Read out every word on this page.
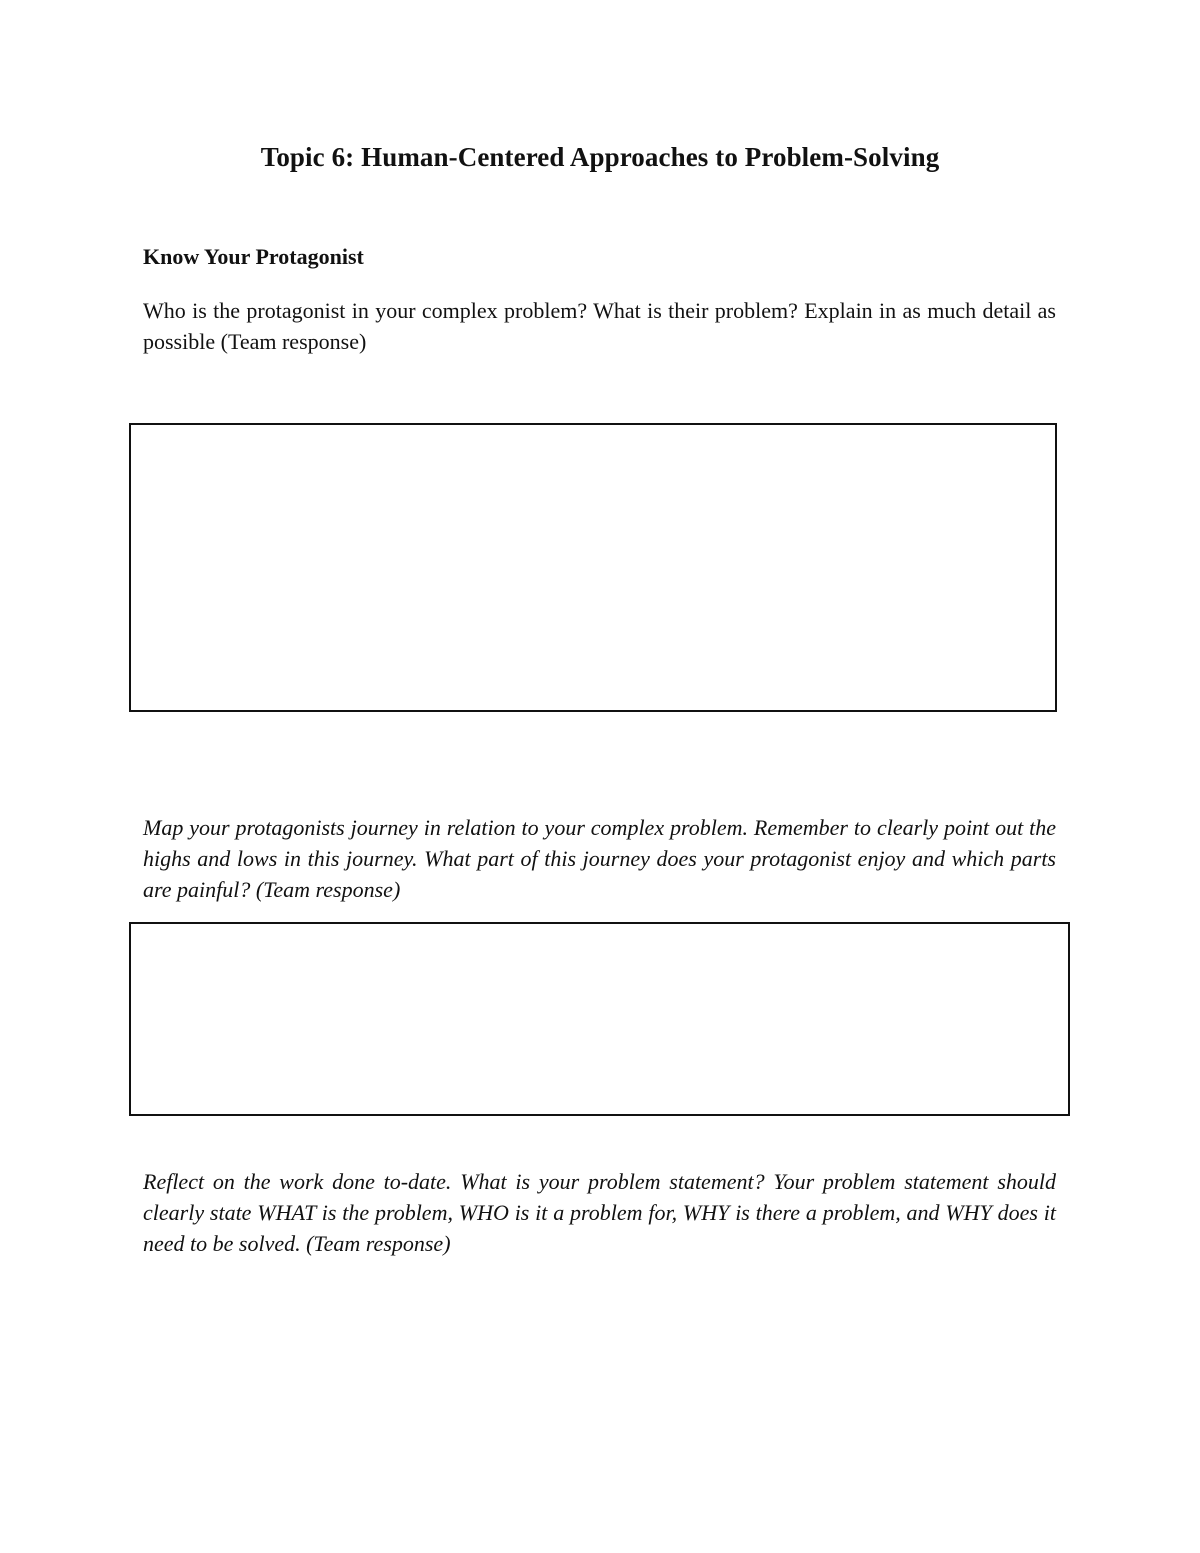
Topic 6: Human-Centered Approaches to Problem-Solving
Know Your Protagonist
Who is the protagonist in your complex problem? What is their problem? Explain in as much detail as possible (Team response)
Map your protagonists journey in relation to your complex problem. Remember to clearly point out the highs and lows in this journey. What part of this journey does your protagonist enjoy and which parts are painful? (Team response)
Reflect on the work done to-date. What is your problem statement? Your problem statement should clearly state WHAT is the problem, WHO is it a problem for, WHY is there a problem, and WHY does it need to be solved. (Team response)
